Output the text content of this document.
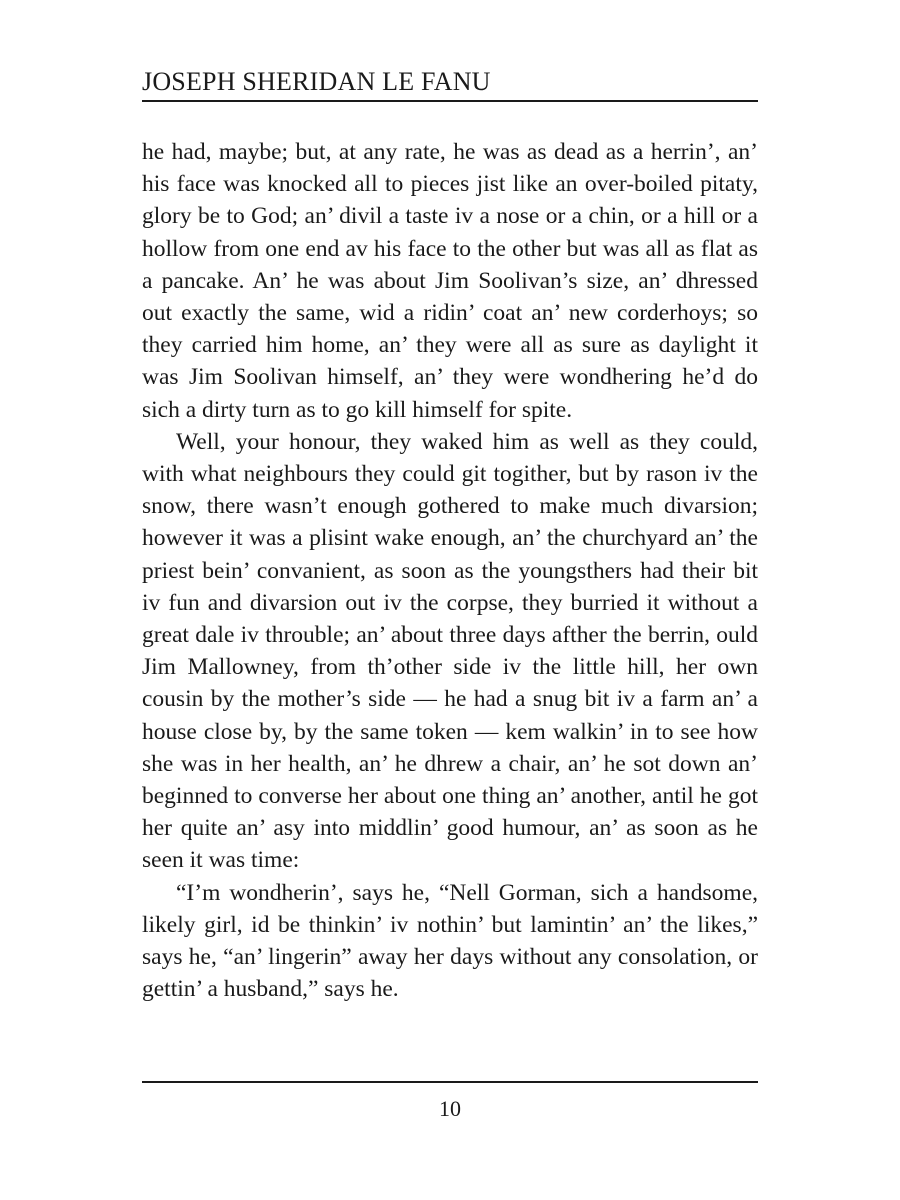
JOSEPH SHERIDAN LE FANU

he had, maybe; but, at any rate, he was as dead as a herrin’, an’ his face was knocked all to pieces jist like an over-boiled pitaty, glory be to God; an’ divil a taste iv a nose or a chin, or a hill or a hollow from one end av his face to the other but was all as flat as a pancake. An’ he was about Jim Soolivan’s size, an’ dhressed out exactly the same, wid a ridin’ coat an’ new corderhoys; so they carried him home, an’ they were all as sure as daylight it was Jim Soolivan himself, an’ they were wondhering he’d do sich a dirty turn as to go kill himself for spite.

Well, your honour, they waked him as well as they could, with what neighbours they could git togither, but by rason iv the snow, there wasn’t enough gothered to make much divarsion; however it was a plisint wake enough, an’ the churchyard an’ the priest bein’ convanient, as soon as the youngsthers had their bit iv fun and divarsion out iv the corpse, they burried it without a great dale iv throuble; an’ about three days afther the berrin, ould Jim Mallowney, from th’other side iv the little hill, her own cousin by the mother’s side — he had a snug bit iv a farm an’ a house close by, by the same token — kem walkin’ in to see how she was in her health, an’ he dhrew a chair, an’ he sot down an’ beginned to converse her about one thing an’ another, antil he got her quite an’ asy into middlin’ good humour, an’ as soon as he seen it was time:

“I’m wondherin’, says he, “Nell Gorman, sich a handsome, likely girl, id be thinkin’ iv nothin’ but lamintin’ an’ the likes,” says he, “an’ lingerin” away her days without any consolation, or gettin’ a husband,” says he.

10
